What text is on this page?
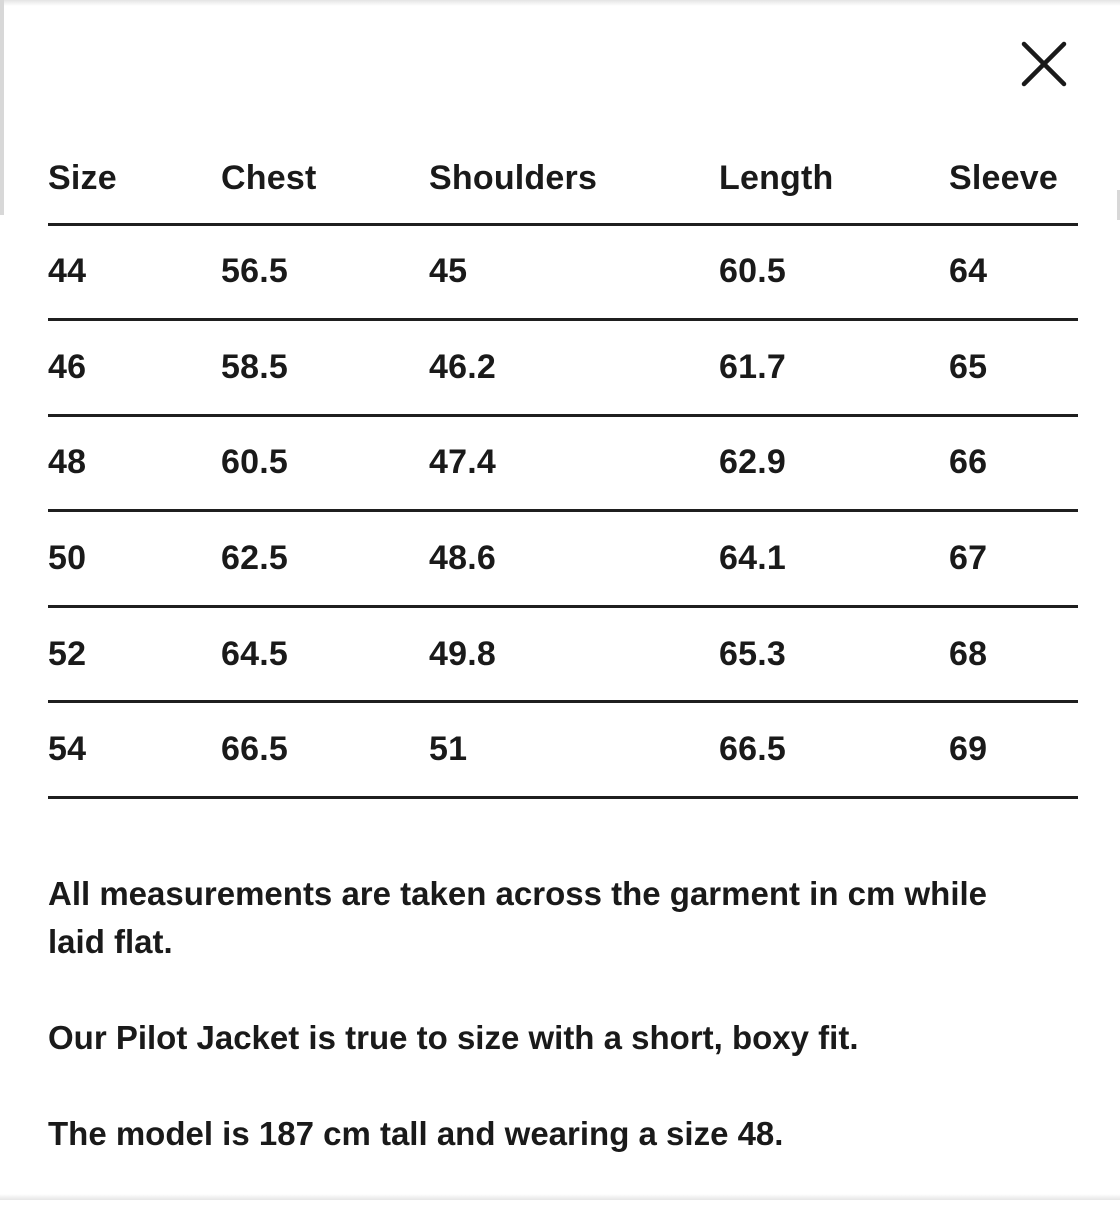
Size	Chest	Shoulders	Length	Sleeve
44	56.5	45	60.5	64
46	58.5	46.2	61.7	65
48	60.5	47.4	62.9	66
50	62.5	48.6	64.1	67
52	64.5	49.8	65.3	68
54	66.5	51	66.5	69

All measurements are taken across the garment in cm while laid flat.

Our Pilot Jacket is true to size with a short, boxy fit.

The model is 187 cm tall and wearing a size 48.
